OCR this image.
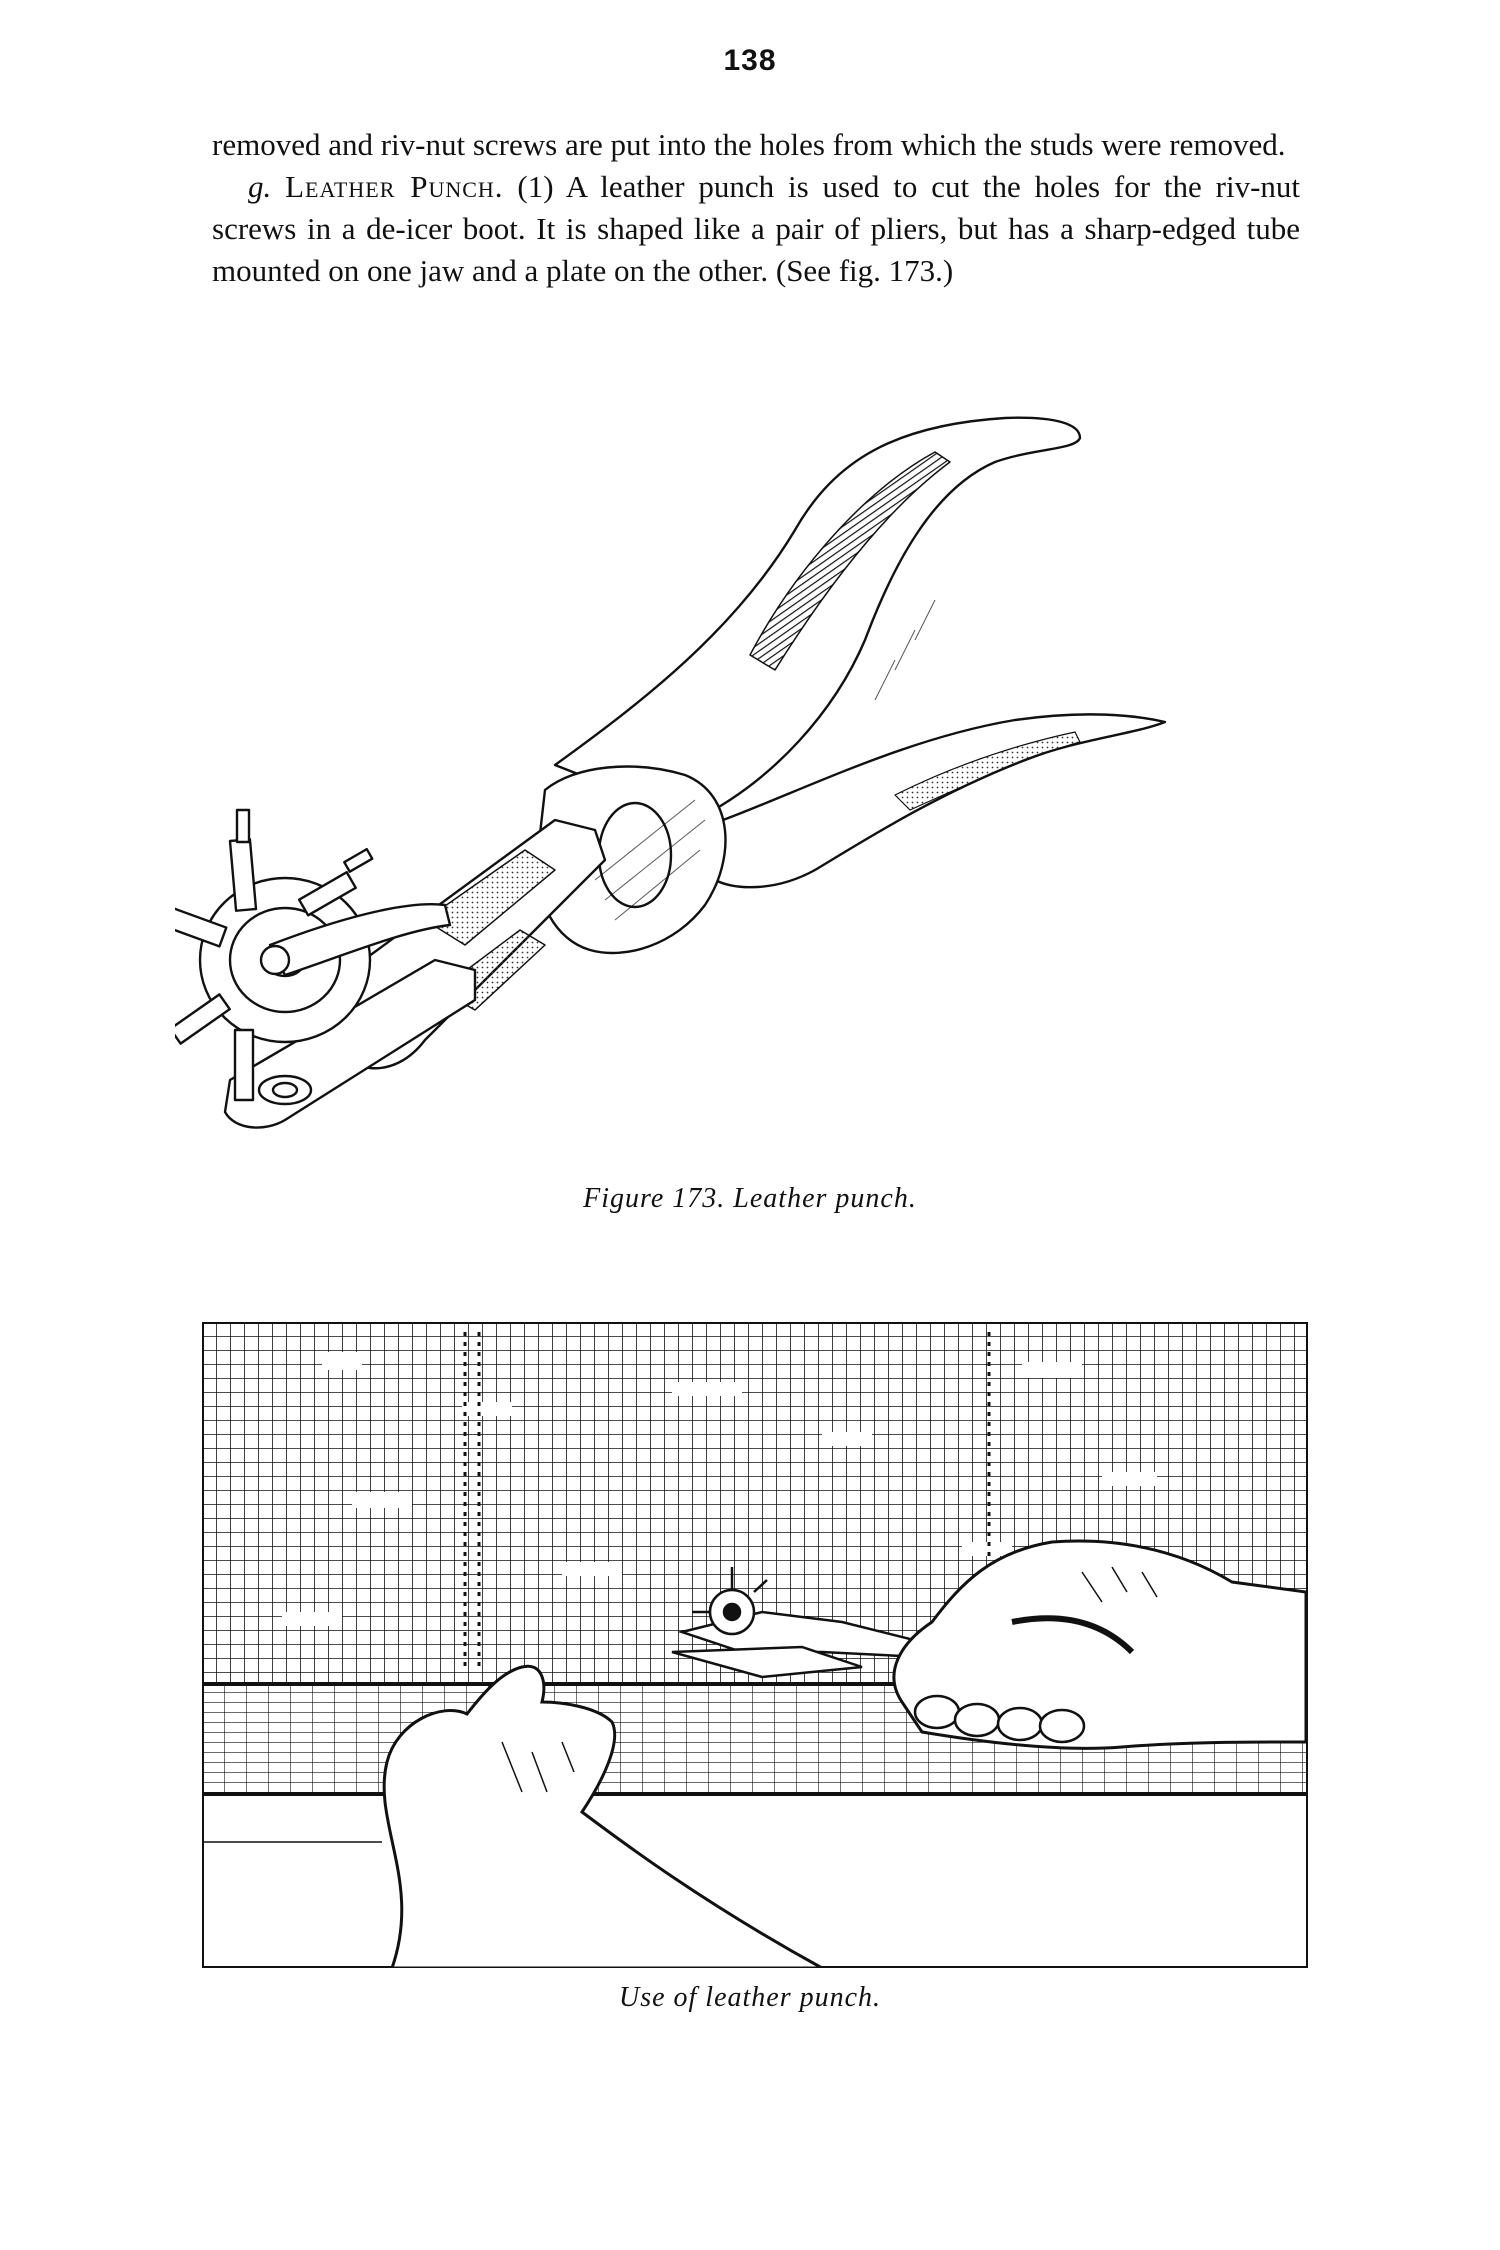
138

removed and riv-nut screws are put into the holes from which the studs were removed.

g. Leather Punch. (1) A leather punch is used to cut the holes for the riv-nut screws in a de-icer boot. It is shaped like a pair of pliers, but has a sharp-edged tube mounted on one jaw and a plate on the other. (See fig. 173.)

Figure 173. Leather punch.
Use of leather punch.
